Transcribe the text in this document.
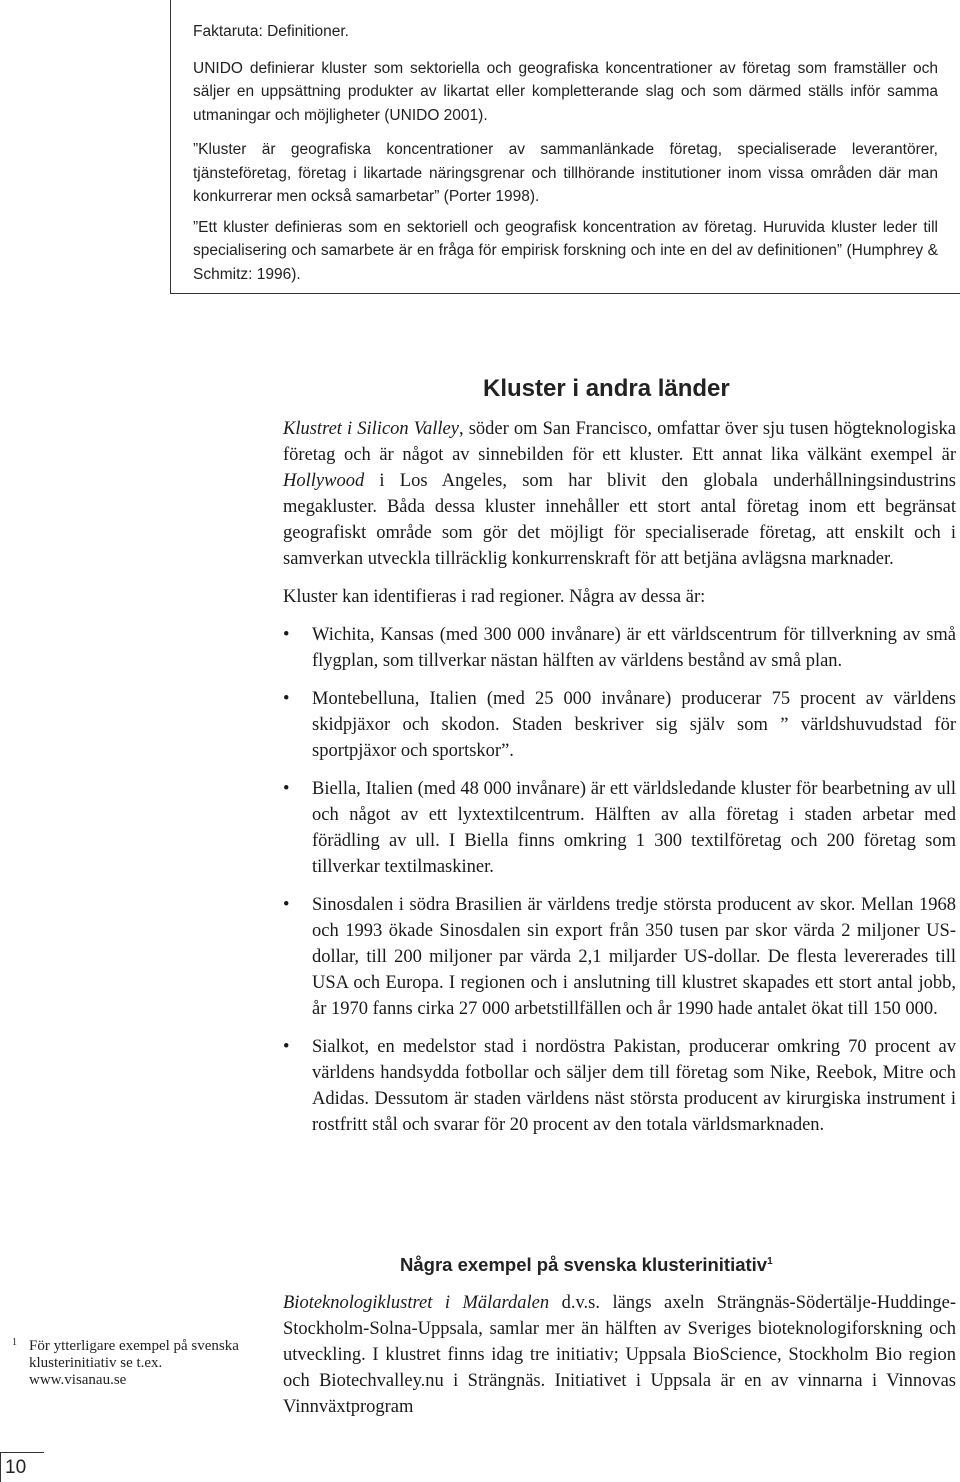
Faktaruta: Definitioner.

UNIDO definierar kluster som sektoriella och geografiska koncentrationer av företag som framställer och säljer en uppsättning produkter av likartat eller kompletterande slag och som därmed ställs inför samma utmaningar och möjligheter (UNIDO 2001).

”Kluster är geografiska koncentrationer av sammanlänkade företag, specialiserade leverantörer, tjänsteföretag, företag i likartade näringsgrenar och tillhörande institutioner inom vissa områden där man konkurrerar men också samarbetar” (Porter 1998).

”Ett kluster definieras som en sektoriell och geografisk koncentration av företag. Huruvida kluster leder till specialisering och samarbete är en fråga för empirisk forskning och inte en del av definitionen” (Humphrey & Schmitz: 1996).

Kluster i andra länder

Klustret i Silicon Valley, söder om San Francisco, omfattar över sju tusen högteknologiska företag och är något av sinnebilden för ett kluster. Ett annat lika välkänt exempel är Hollywood i Los Angeles, som har blivit den globala underhållningsindustrins megakluster. Båda dessa kluster innehåller ett stort antal företag inom ett begränsat geografiskt område som gör det möjligt för specialiserade företag, att enskilt och i samverkan utveckla tillräcklig konkurrenskraft för att betjäna avlägsna marknader.

Kluster kan identifieras i rad regioner. Några av dessa är:

• Wichita, Kansas (med 300 000 invånare) är ett världscentrum för tillverkning av små flygplan, som tillverkar nästan hälften av världens bestånd av små plan.
• Montebelluna, Italien (med 25 000 invånare) producerar 75 procent av världens skidpjäxor och skodon. Staden beskriver sig själv som ” världshuvudstad för sportpjäxor och sportskor”.
• Biella, Italien (med 48 000 invånare) är ett världsledande kluster för bearbetning av ull och något av ett lyxtextilcentrum. Hälften av alla företag i staden arbetar med förädling av ull. I Biella finns omkring 1 300 textilföretag och 200 företag som tillverkar textilmaskiner.
• Sinosdalen i södra Brasilien är världens tredje största producent av skor. Mellan 1968 och 1993 ökade Sinosdalen sin export från 350 tusen par skor värda 2 miljoner US-dollar, till 200 miljoner par värda 2,1 miljarder US-dollar. De flesta levererades till USA och Europa. I regionen och i anslutning till klustret skapades ett stort antal jobb, år 1970 fanns cirka 27 000 arbetstillfällen och år 1990 hade antalet ökat till 150 000.
• Sialkot, en medelstor stad i nordöstra Pakistan, producerar omkring 70 procent av världens handsydda fotbollar och säljer dem till företag som Nike, Reebok, Mitre och Adidas. Dessutom är staden världens näst största producent av kirurgiska instrument i rostfritt stål och svarar för 20 procent av den totala världsmarknaden.
Några exempel på svenska klusterinitiativ$^1$

Bioteknologiklustret i Mälardalen d.v.s. längs axeln Strängnäs-Södertälje-Huddinge-Stockholm-Solna-Uppsala, samlar mer än hälften av Sveriges bioteknologiforskning och utveckling. I klustret finns idag tre initiativ; Uppsala BioScience, Stockholm Bio region och Biotechvalley.nu i Strängnäs. Initiativet i Uppsala är en av vinnarna i Vinnovas Vinnväxtprogram

1 För ytterligare exempel på svenska klusterinitiativ se t.ex. www.visanau.se
10
